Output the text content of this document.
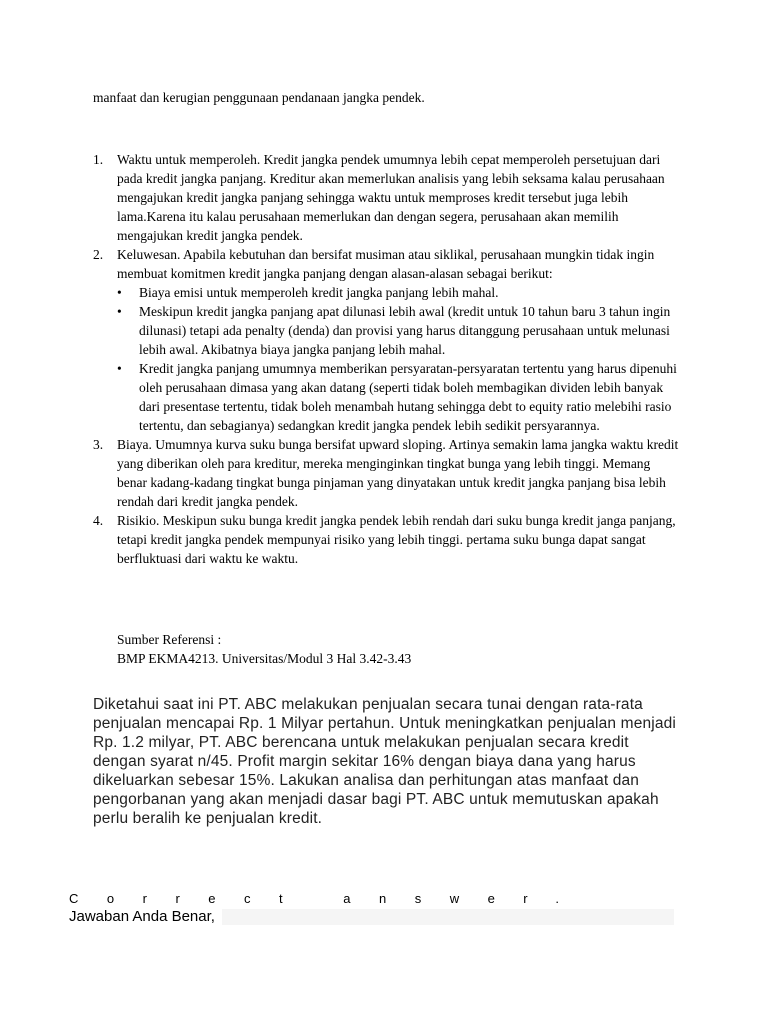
manfaat dan kerugian penggunaan pendanaan jangka pendek.
1. Waktu untuk memperoleh. Kredit jangka pendek umumnya lebih cepat memperoleh persetujuan dari pada kredit jangka panjang. Kreditur akan memerlukan analisis yang lebih seksama kalau perusahaan mengajukan kredit jangka panjang sehingga waktu untuk memproses kredit tersebut juga lebih lama.Karena itu kalau perusahaan memerlukan dan dengan segera, perusahaan akan memilih mengajukan kredit jangka pendek.
2. Keluwesan. Apabila kebutuhan dan bersifat musiman atau siklikal, perusahaan mungkin tidak ingin membuat komitmen kredit jangka panjang dengan alasan-alasan sebagai berikut:
• Biaya emisi untuk memperoleh kredit jangka panjang lebih mahal.
• Meskipun kredit jangka panjang apat dilunasi lebih awal (kredit untuk 10 tahun baru 3 tahun ingin dilunasi) tetapi ada penalty (denda) dan provisi yang harus ditanggung perusahaan untuk melunasi lebih awal. Akibatnya biaya jangka panjang lebih mahal.
• Kredit jangka panjang umumnya memberikan persyaratan-persyaratan tertentu yang harus dipenuhi oleh perusahaan dimasa yang akan datang (seperti tidak boleh membagikan dividen lebih banyak dari presentase tertentu, tidak boleh menambah hutang sehingga debt to equity ratio melebihi rasio tertentu, dan sebagianya) sedangkan kredit jangka pendek lebih sedikit persyarannya.
3. Biaya. Umumnya kurva suku bunga bersifat upward sloping. Artinya semakin lama jangka waktu kredit yang diberikan oleh para kreditur, mereka menginginkan tingkat bunga yang lebih tinggi. Memang benar kadang-kadang tingkat bunga pinjaman yang dinyatakan untuk kredit jangka panjang bisa lebih rendah dari kredit jangka pendek.
4. Risikio. Meskipun suku bunga kredit jangka pendek lebih rendah dari suku bunga kredit janga panjang, tetapi kredit jangka pendek mempunyai risiko yang lebih tinggi. pertama suku bunga dapat sangat berfluktuasi dari waktu ke waktu.
Sumber Referensi :
BMP EKMA4213. Universitas/Modul 3 Hal 3.42-3.43
Diketahui saat ini PT. ABC melakukan penjualan secara tunai dengan rata-rata penjualan mencapai Rp. 1 Milyar pertahun. Untuk meningkatkan penjualan menjadi Rp. 1.2 milyar, PT. ABC berencana untuk melakukan penjualan secara kredit dengan syarat n/45. Profit margin sekitar 16% dengan biaya dana yang harus dikeluarkan sebesar 15%. Lakukan analisa dan perhitungan atas manfaat dan pengorbanan yang akan menjadi dasar bagi PT. ABC untuk memutuskan apakah perlu beralih ke penjualan kredit.
Correct answer.
Jawaban Anda Benar,
